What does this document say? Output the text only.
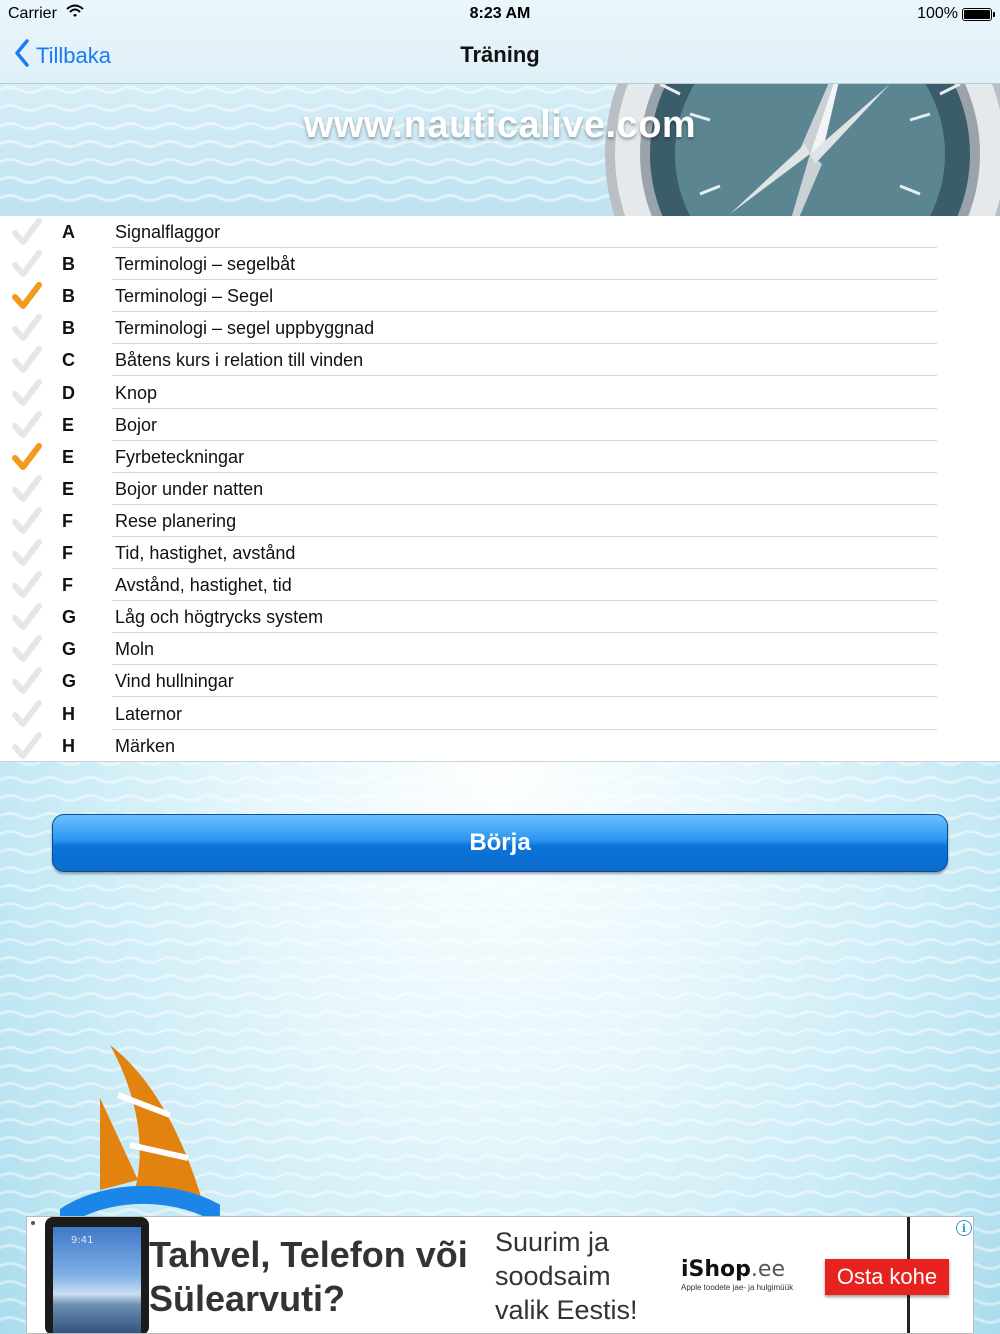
Carrier	8:23 AM	100%
Tillbaka	Träning
www.nauticalive.com
A Signalflaggor
B Terminologi – segelbåt
B Terminologi – Segel
B Terminologi – segel uppbyggnad
C Båtens kurs i relation till vinden
D Knop
E Bojor
E Fyrbeteckningar
E Bojor under natten
F Rese planering
F Tid, hastighet, avstånd
F Avstånd, hastighet, tid
G Låg och högtrycks system
G Moln
G Vind hullningar
H Laternor
H Märken
Börja
9:41	Tahvel, Telefon või
Sülearvuti?
Suurim ja
soodsaim
valik Eestis!
iShop.ee
Apple toodete jae- ja hulgimüük	Osta kohe
i
